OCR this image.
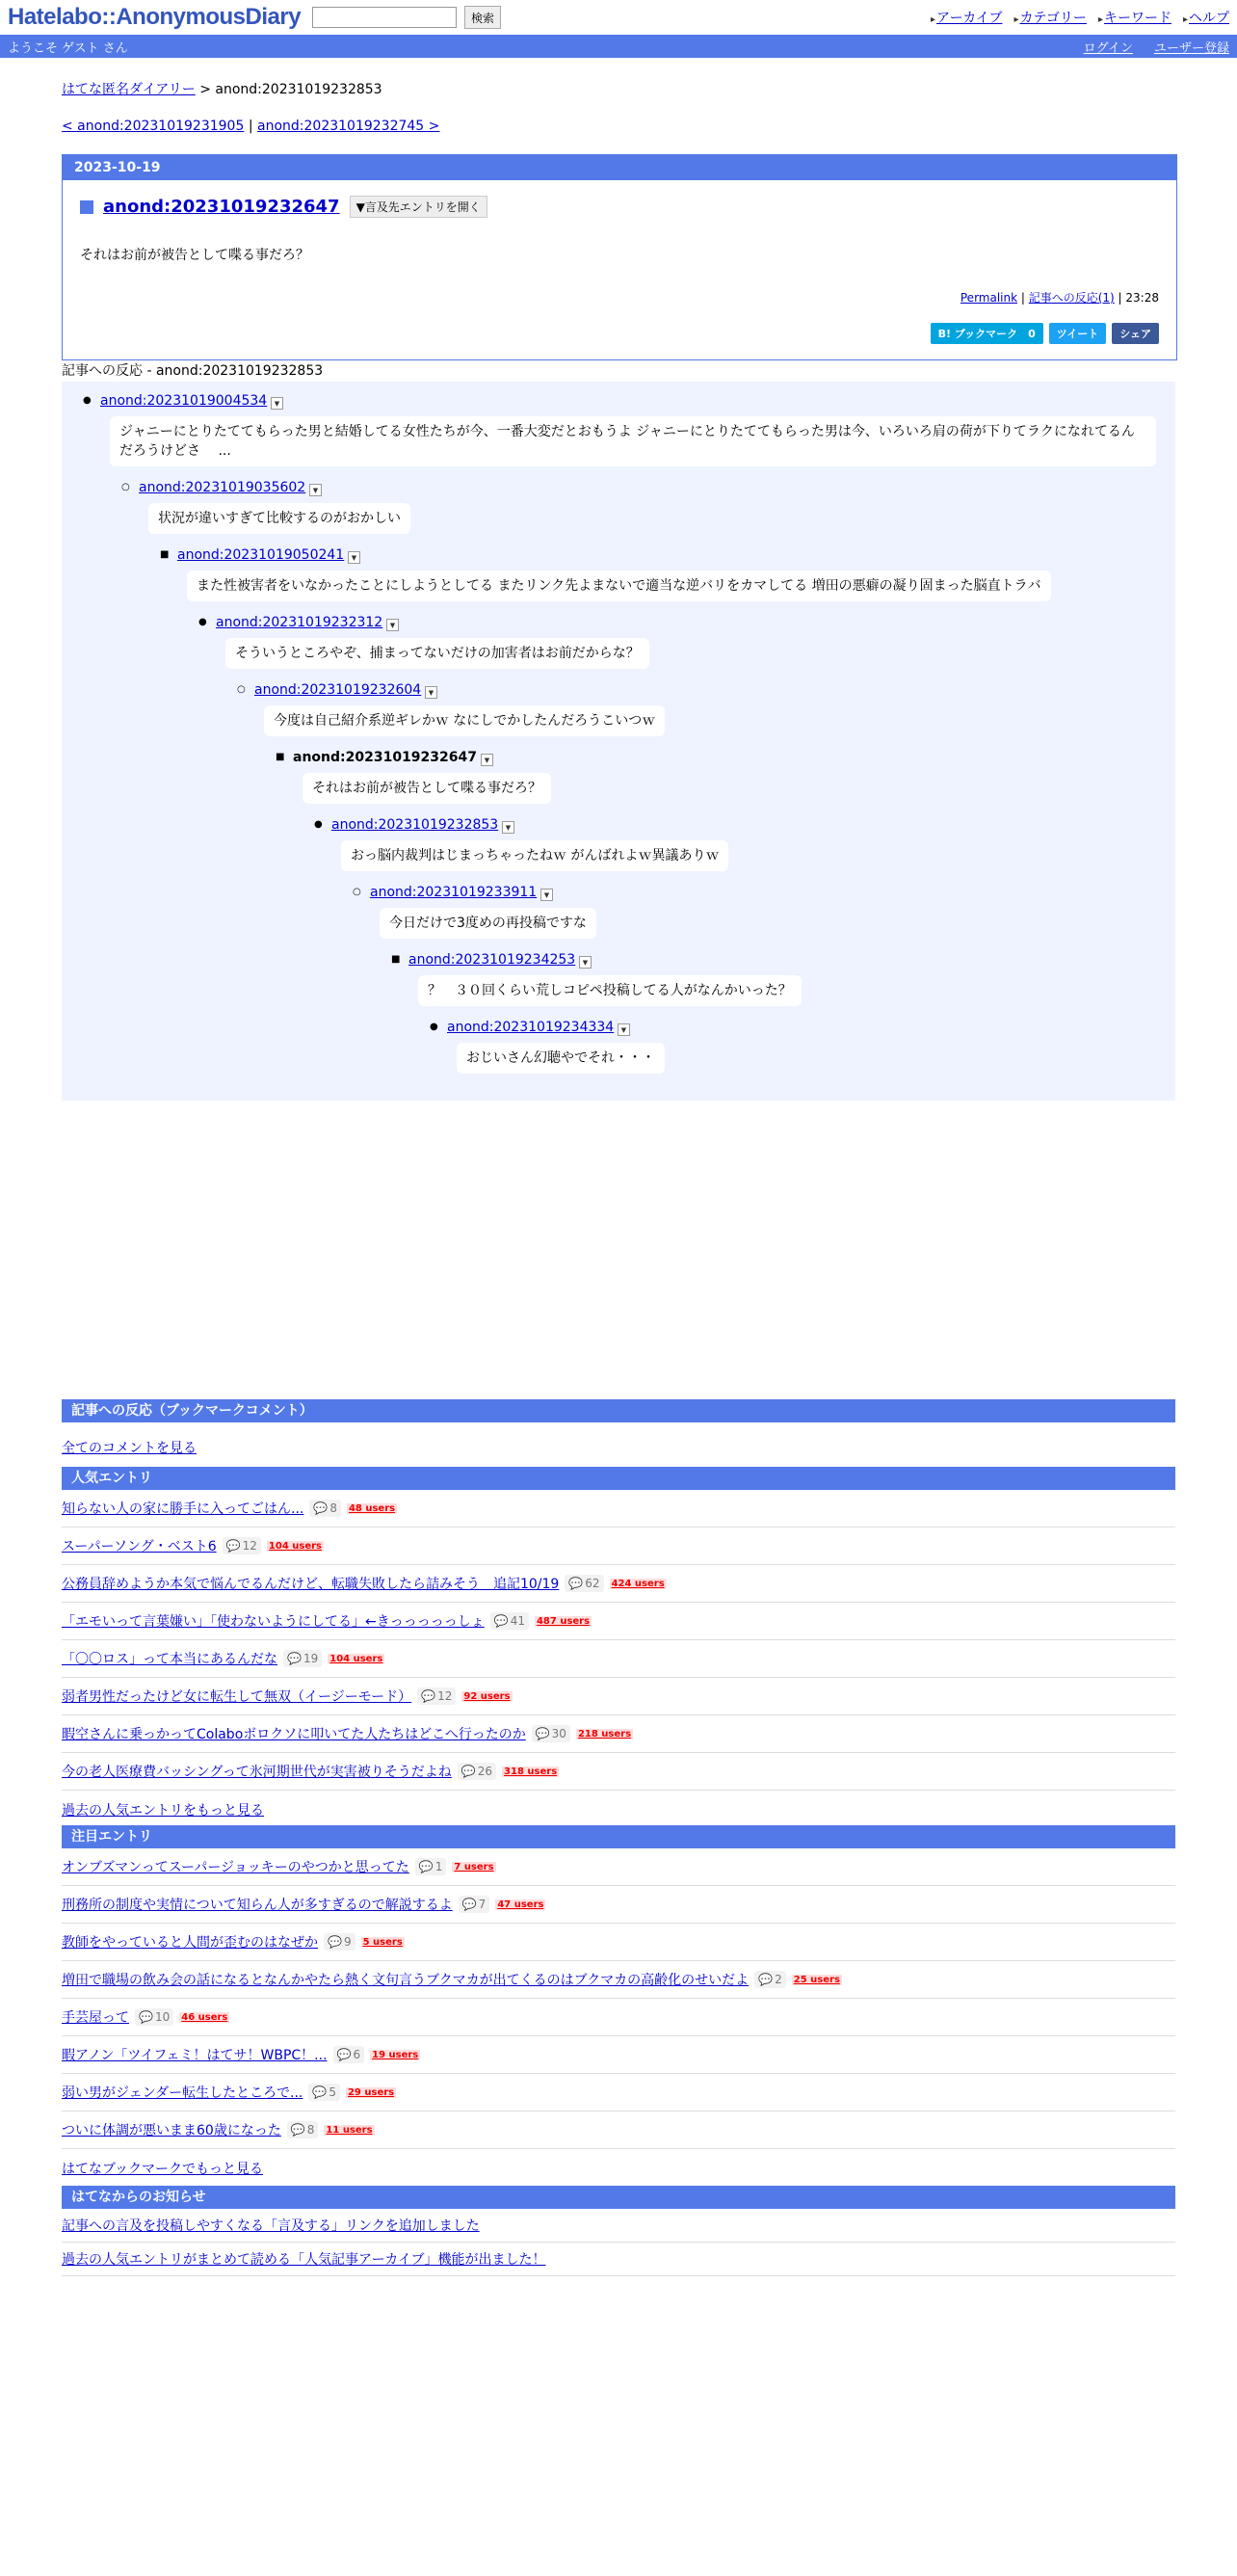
Hatelabo::AnonymousDiary	検索	▸ アーカイブ	▸ カテゴリー	▸ キーワード	▸ ヘルプ
ようこそ ゲスト さん	ログイン ユーザー登録
はてな匿名ダイアリー > anond:20231019232853
< anond:20231019231905 | anond:20231019232745 >
2023-10-19
anond:20231019232647	▼言及先エントリを開く
それはお前が被告として喋る事だろ？
Permalink | 記事への反応(1) | 23:28
B! ブックマーク　0	ツイート	シェア
記事への反応 - anond:20231019232853
● anond:20231019004534	▼
ジャニーにとりたててもらった男と結婚してる女性たちが今、一番大変だとおもうよ ジャニーにとりたててもらった男は今、いろいろ肩の荷が下りてラクになれてるんだろうけどさ　 ...
○ anond:20231019035602	▼
状況が違いすぎて比較するのがおかしい
■ anond:20231019050241	▼
また性被害者をいなかったことにしようとしてる またリンク先よまないで適当な逆バリをカマしてる 増田の悪癖の凝り固まった脳直トラバ
● anond:20231019232312	▼
そういうところやぞ、捕まってないだけの加害者はお前だからな？
○ anond:20231019232604	▼
今度は自己紹介系逆ギレかｗ なにしでかしたんだろうこいつｗ
■ anond:20231019232647	▼
それはお前が被告として喋る事だろ？
● anond:20231019232853	▼
おっ脳内裁判はじまっちゃったねｗ がんばれよｗ異議ありｗ
○ anond:20231019233911	▼
今日だけで3度めの再投稿ですな
■ anond:20231019234253	▼
？　３０回くらい荒しコピペ投稿してる人がなんかいった？
● anond:20231019234334	▼
おじいさん幻聴やでそれ・・・
記事への反応（ブックマークコメント）
全てのコメントを見る
人気エントリ
知らない人の家に勝手に入ってごはん... 💬 8 48 users
スーパーソング・ベスト6 💬 12 104 users
公務員辞めようか本気で悩んでるんだけど、転職失敗したら詰みそう　追記10/19 💬 62 424 users
「エモいって言葉嫌い」「使わないようにしてる」←きっっっっっしょ 💬 41 487 users
「〇〇ロス」って本当にあるんだな 💬 19 104 users
弱者男性だったけど女に転生して無双（イージーモード） 💬 12 92 users
暇空さんに乗っかってColaboボロクソに叩いてた人たちはどこへ行ったのか 💬 30 218 users
今の老人医療費バッシングって氷河期世代が実害被りそうだよね 💬 26 318 users
過去の人気エントリをもっと見る
注目エントリ
オンブズマンってスーパージョッキーのやつかと思ってた 💬 1 7 users
刑務所の制度や実情について知らん人が多すぎるので解説するよ 💬 7 47 users
教師をやっていると人間が歪むのはなぜか 💬 9 5 users
増田で職場の飲み会の話になるとなんかやたら熱く文句言うブクマカが出てくるのはブクマカの高齢化のせいだよ 💬 2 25 users
手芸屋って 💬 10 46 users
暇アノン「ツイフェミ！はてサ！WBPC！... 💬 6 19 users
弱い男がジェンダー転生したところで... 💬 5 29 users
ついに体調が悪いまま60歳になった 💬 8 11 users
はてなブックマークでもっと見る
はてなからのお知らせ
記事への言及を投稿しやすくなる「言及する」リンクを追加しました
過去の人気エントリがまとめて読める「人気記事アーカイブ」機能が出ました！
